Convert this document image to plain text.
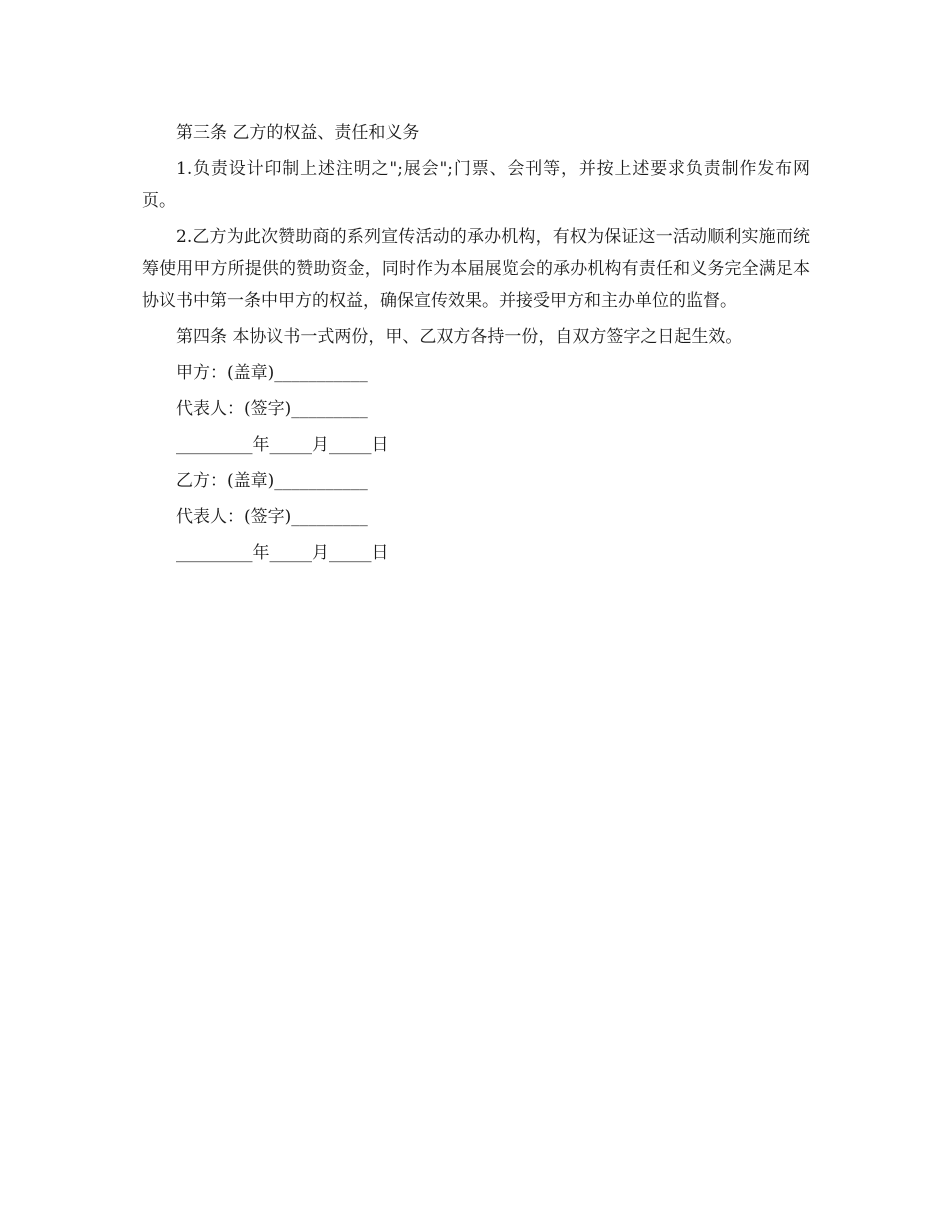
第三条 乙方的权益、责任和义务

1.负责设计印制上述注明之";展会";门票、会刊等，并按上述要求负责制作发布网页。

2.乙方为此次赞助商的系列宣传活动的承办机构，有权为保证这一活动顺利实施而统筹使用甲方所提供的赞助资金，同时作为本届展览会的承办机构有责任和义务完全满足本协议书中第一条中甲方的权益，确保宣传效果。并接受甲方和主办单位的监督。

第四条 本协议书一式两份，甲、乙双方各持一份，自双方签字之日起生效。

甲方：(盖章)___________

代表人：(签字)_________

_________年_____月_____日

乙方：(盖章)___________

代表人：(签字)_________

_________年_____月_____日
